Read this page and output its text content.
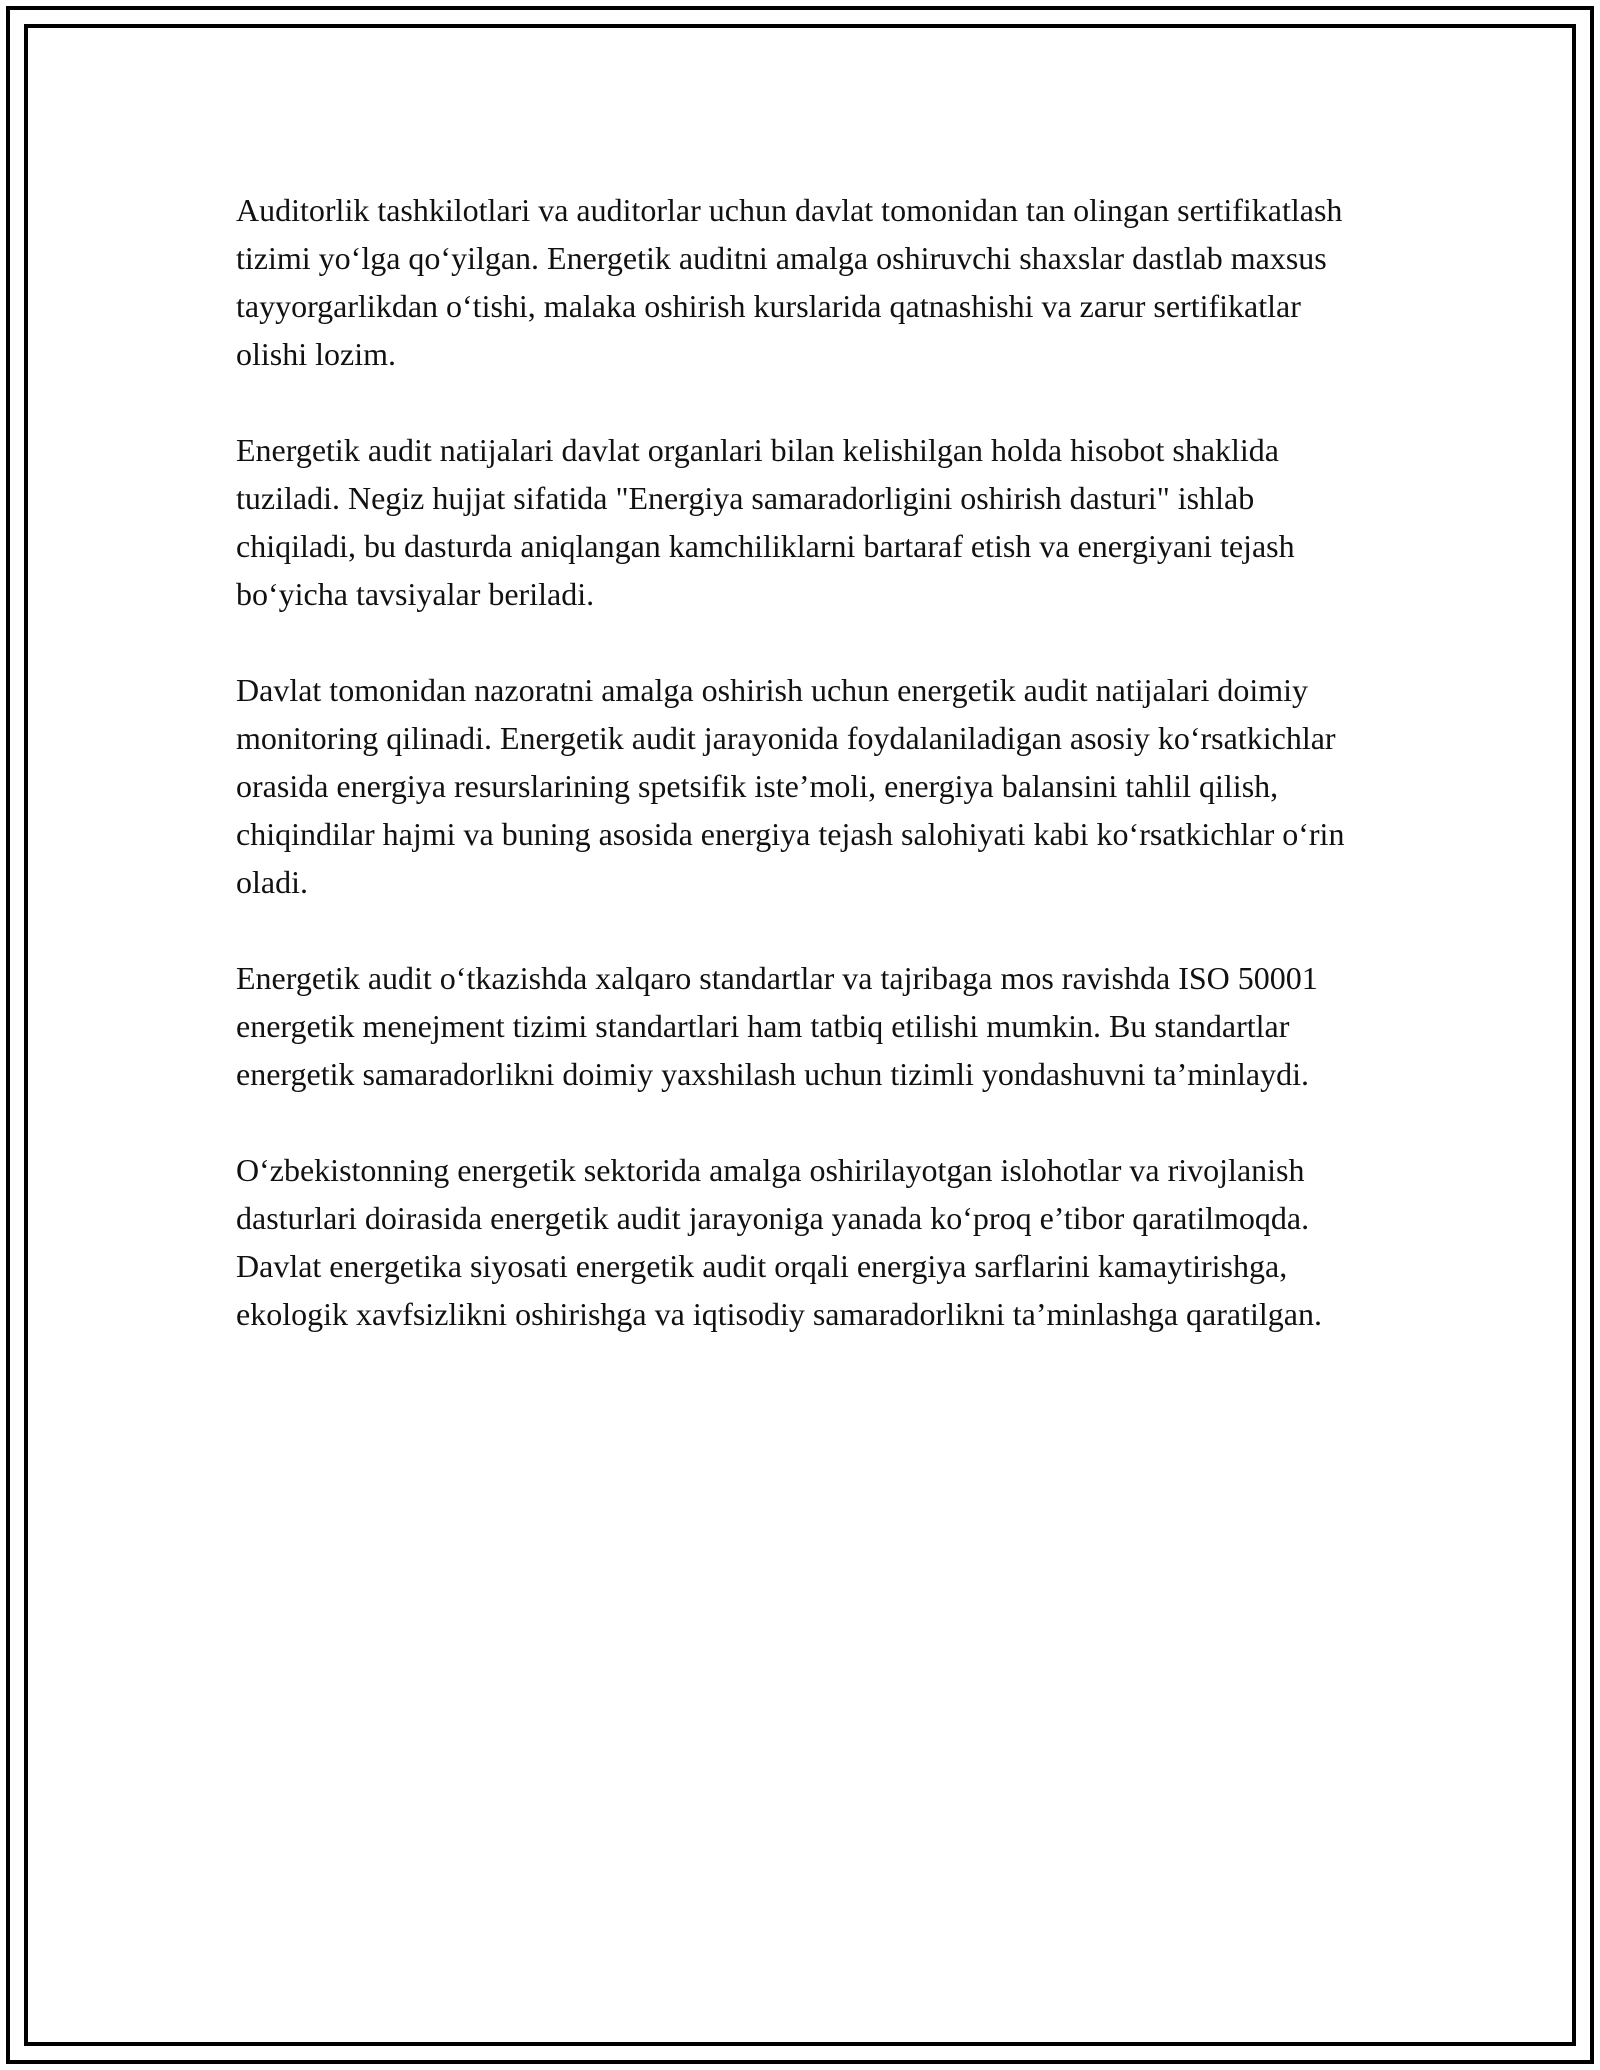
Auditorlik tashkilotlari va auditorlar uchun davlat tomonidan tan olingan sertifikatlash tizimi yo‘lga qo‘yilgan. Energetik auditni amalga oshiruvchi shaxslar dastlab maxsus tayyorgarlikdan o‘tishi, malaka oshirish kurslarida qatnashishi va zarur sertifikatlar olishi lozim.

Energetik audit natijalari davlat organlari bilan kelishilgan holda hisobot shaklida tuziladi. Negiz hujjat sifatida "Energiya samaradorligini oshirish dasturi" ishlab chiqiladi, bu dasturda aniqlangan kamchiliklarni bartaraf etish va energiyani tejash bo‘yicha tavsiyalar beriladi.

Davlat tomonidan nazoratni amalga oshirish uchun energetik audit natijalari doimiy monitoring qilinadi. Energetik audit jarayonida foydalaniladigan asosiy ko‘rsatkichlar orasida energiya resurslarining spetsifik iste’moli, energiya balansini tahlil qilish, chiqindilar hajmi va buning asosida energiya tejash salohiyati kabi ko‘rsatkichlar o‘rin oladi.

Energetik audit o‘tkazishda xalqaro standartlar va tajribaga mos ravishda ISO 50001 energetik menejment tizimi standartlari ham tatbiq etilishi mumkin. Bu standartlar energetik samaradorlikni doimiy yaxshilash uchun tizimli yondashuvni ta’minlaydi.

O‘zbekistonning energetik sektorida amalga oshirilayotgan islohotlar va rivojlanish dasturlari doirasida energetik audit jarayoniga yanada ko‘proq e’tibor qaratilmoqda. Davlat energetika siyosati energetik audit orqali energiya sarflarini kamaytirishga, ekologik xavfsizlikni oshirishga va iqtisodiy samaradorlikni ta’minlashga qaratilgan.
